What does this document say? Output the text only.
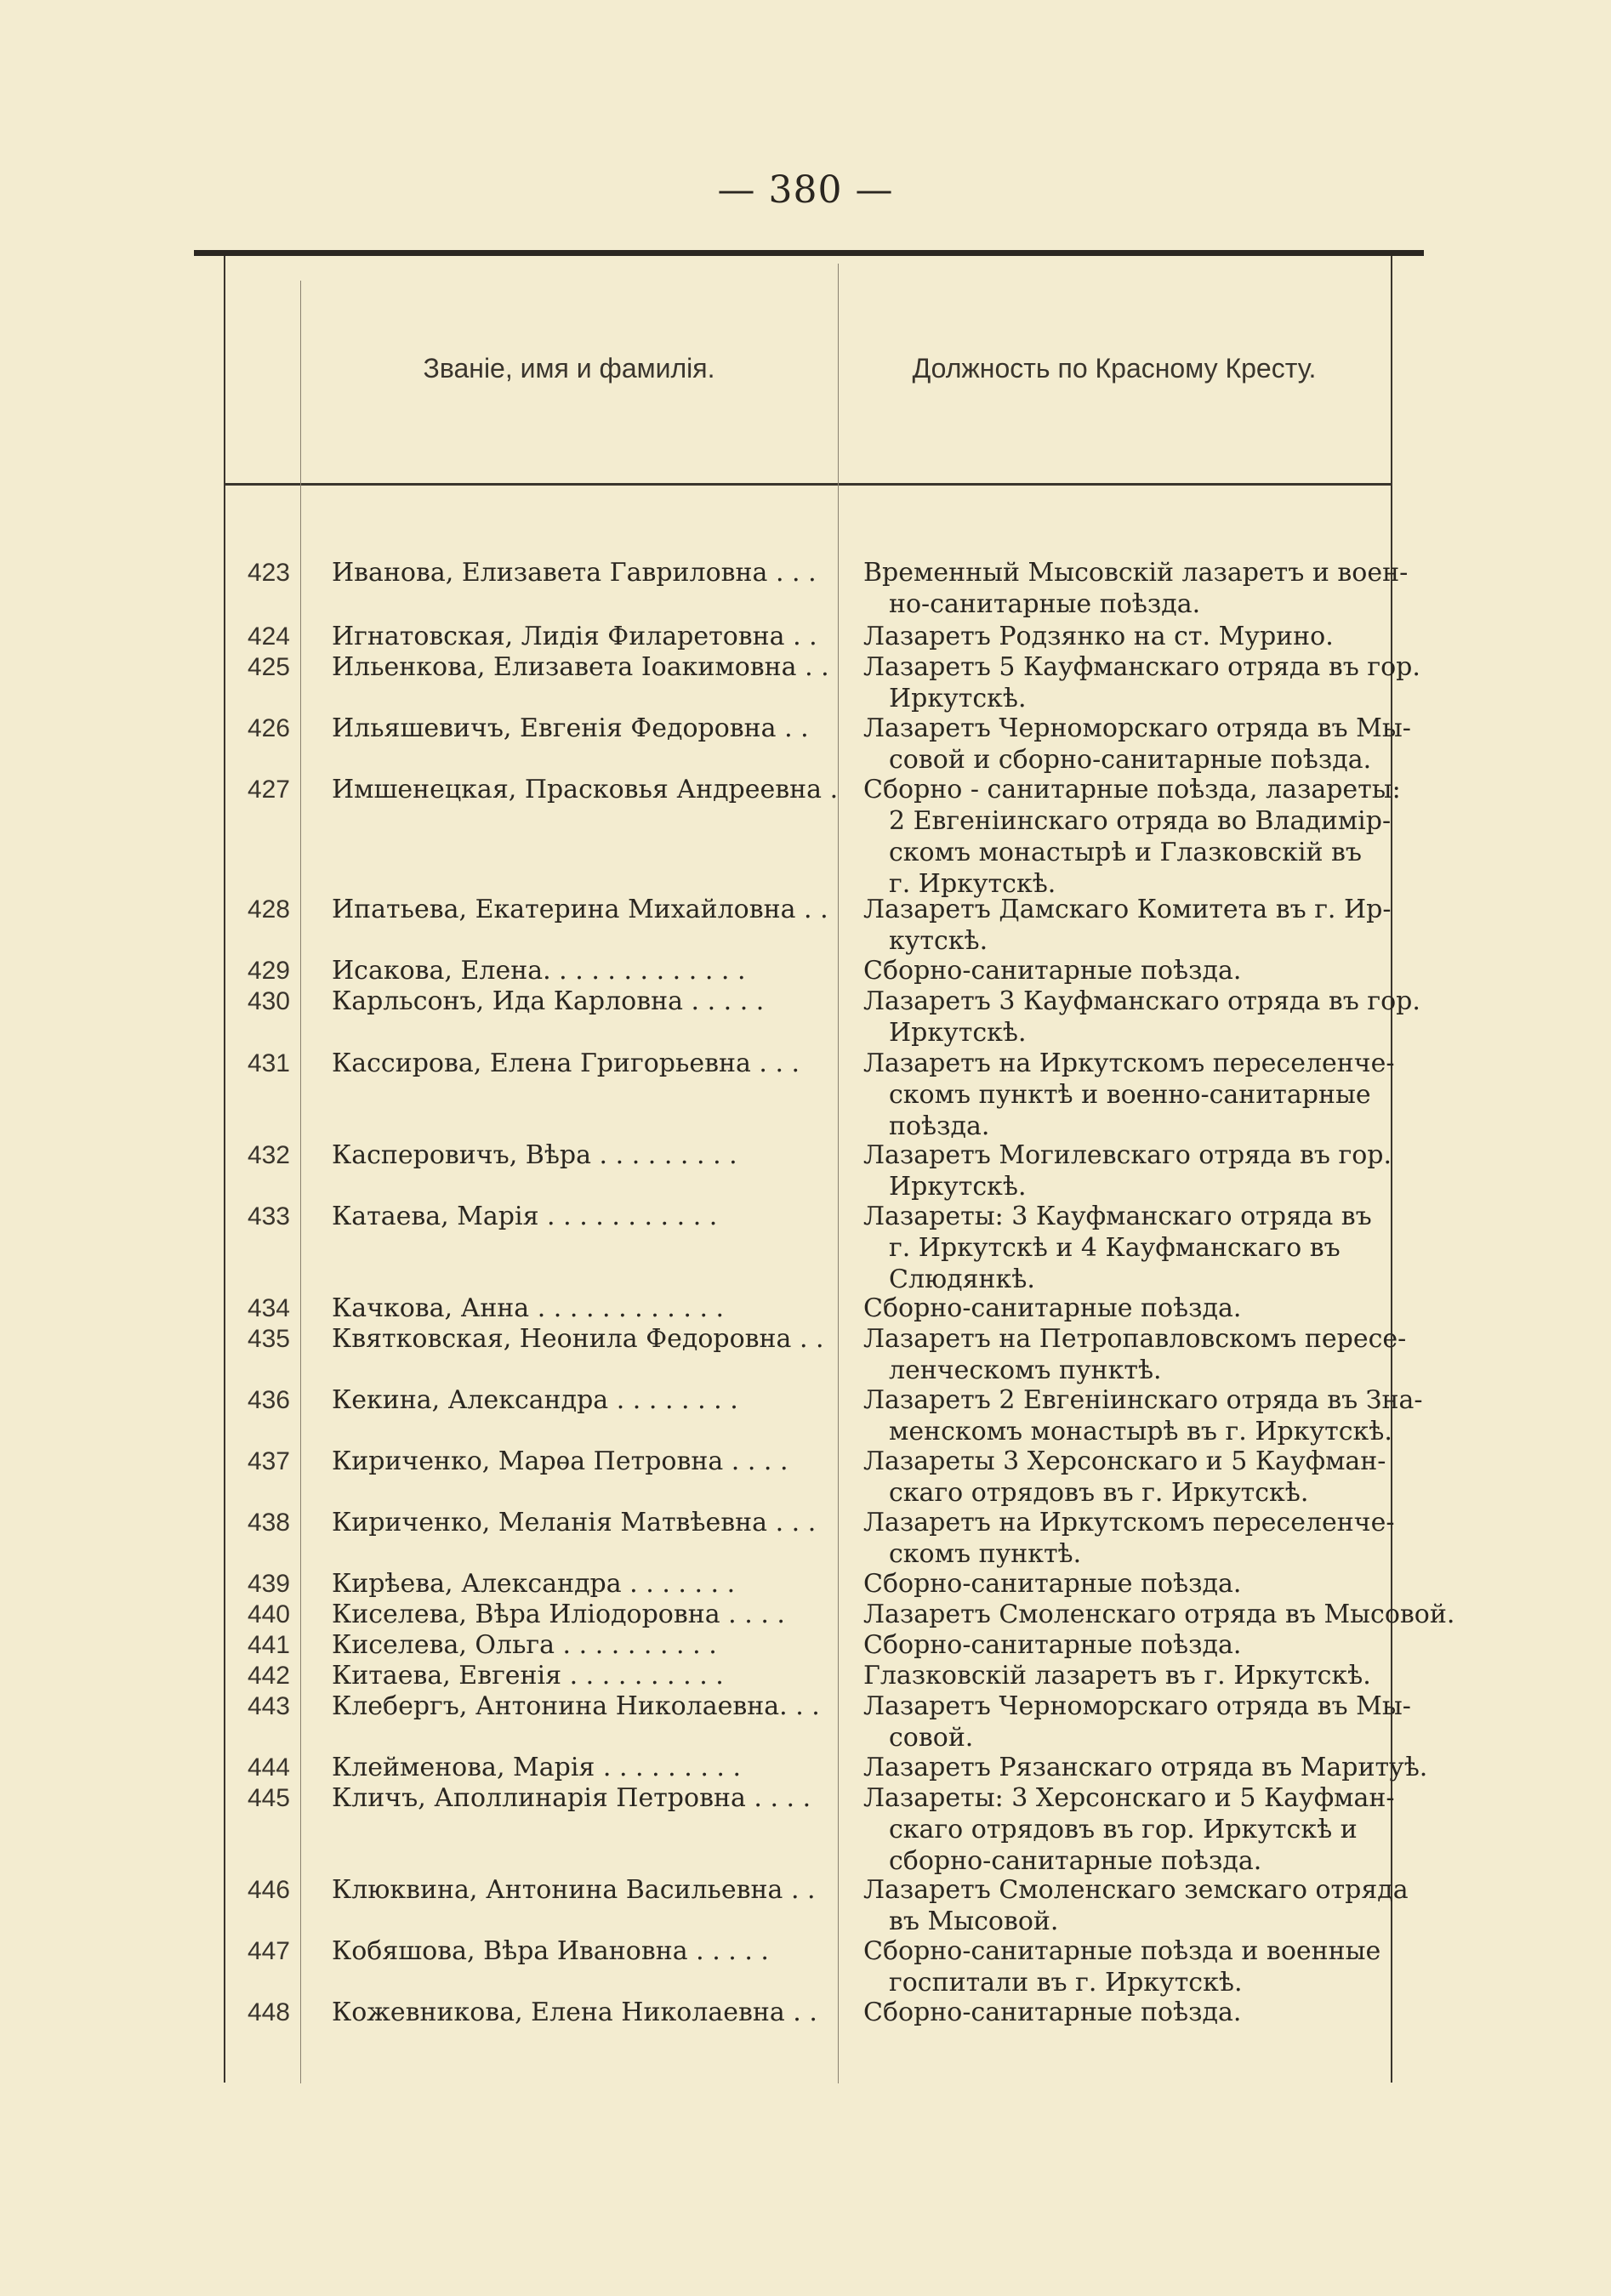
— 380 —
Званіе, имя и фамилія.	Должность по Красному Кресту.
423 Иванова, Елизавета Гавриловна . . .	Временный Мысовскій лазаретъ и воен-
но-санитарные поѣзда.
424 Игнатовская, Лидія Филаретовна . .	Лазаретъ Родзянко на ст. Мурино.
425 Ильенкова, Елизавета Іоакимовна . .	Лазаретъ 5 Кауфманскаго отряда въ гор.
Иркутскѣ.
426 Ильяшевичъ, Евгенія Федоровна . .	Лазаретъ Черноморскаго отряда въ Мы-
совой и сборно-санитарные поѣзда.
427 Имшенецкая, Прасковья Андреевна . Сборно - санитарные поѣзда, лазареты:
2 Евгеніинскаго отряда во Владимір-
скомъ монастырѣ и Глазковскій въ
г. Иркутскѣ.
428 Ипатьева, Екатерина Михайловна . .	Лазаретъ Дамскаго Комитета въ г. Ир-
кутскѣ.
429 Исакова, Елена. . . . . . . . . . . . .	Сборно-санитарные поѣзда.
430 Карльсонъ, Ида Карловна . . . . .	Лазаретъ 3 Кауфманскаго отряда въ гор.
Иркутскѣ.
431 Кассирова, Елена Григорьевна . . .	Лазаретъ на Иркутскомъ переселенче-
скомъ пунктѣ и военно-санитарные
поѣзда.
432 Касперовичъ, Вѣра . . . . . . . . .	Лазаретъ Могилевскаго отряда въ гор.
Иркутскѣ.
433 Катаева, Марія . . . . . . . . . . .	Лазареты: 3 Кауфманскаго отряда въ
г. Иркутскѣ и 4 Кауфманскаго въ
Слюдянкѣ.
434 Качкова, Анна . . . . . . . . . . . .	Сборно-санитарные поѣзда.
435 Квятковская, Неонила Федоровна . .	Лазаретъ на Петропавловскомъ пересе-
ленческомъ пунктѣ.
436 Кекина, Александра . . . . . . . .	Лазаретъ 2 Евгеніинскаго отряда въ Зна-
менскомъ монастырѣ въ г. Иркутскѣ.
437 Кириченко, Марѳа Петровна . . . .	Лазареты 3 Херсонскаго и 5 Кауфман-
скаго отрядовъ въ г. Иркутскѣ.
438 Кириченко, Меланія Матвѣевна . . .	Лазаретъ на Иркутскомъ переселенче-
скомъ пунктѣ.
439 Кирѣева, Александра . . . . . . .	Сборно-санитарные поѣзда.
440 Киселева, Вѣра Иліодоровна . . . .	Лазаретъ Смоленскаго отряда въ Мысовой.
441 Киселева, Ольга . . . . . . . . . .	Сборно-санитарные поѣзда.
442 Китаева, Евгенія . . . . . . . . . .	Глазковскій лазаретъ въ г. Иркутскѣ.
443 Клебергъ, Антонина Николаевна. . .	Лазаретъ Черноморскаго отряда въ Мы-
совой.
444 Клейменова, Марія . . . . . . . . .	Лазаретъ Рязанскаго отряда въ Маритуѣ.
445 Кличъ, Аполлинарія Петровна . . . .	Лазареты: 3 Херсонскаго и 5 Кауфман-
скаго отрядовъ въ гор. Иркутскѣ и
сборно-санитарные поѣзда.
446 Клюквина, Антонина Васильевна . .	Лазаретъ Смоленскаго земскаго отряда
въ Мысовой.
447 Кобяшова, Вѣра Ивановна . . . . .	Сборно-санитарные поѣзда и военные
госпитали въ г. Иркутскѣ.
448 Кожевникова, Елена Николаевна . .	Сборно-санитарные поѣзда.
